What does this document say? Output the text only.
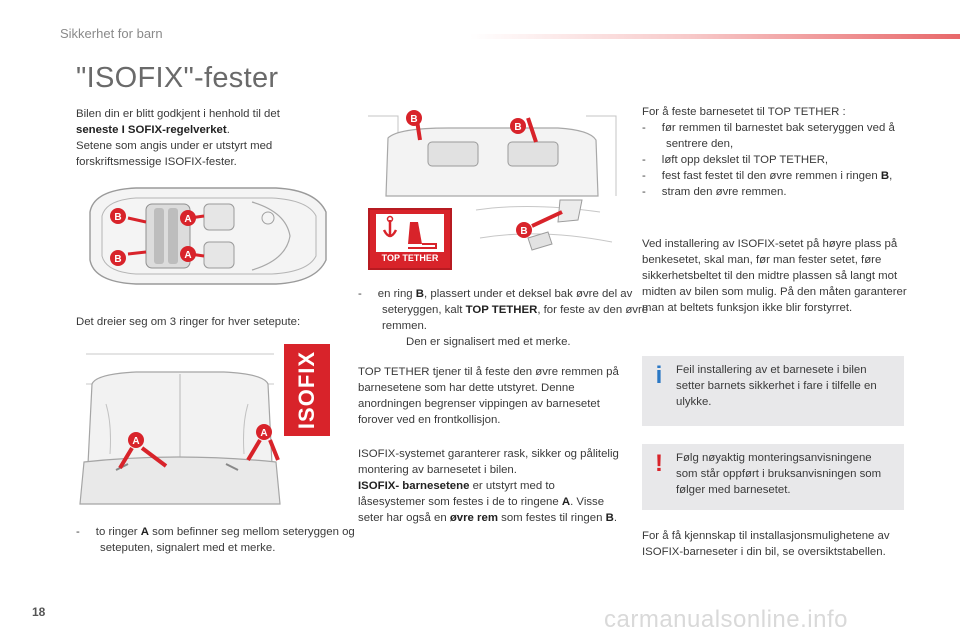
Sikkerhet for barn
"ISOFIX"-fester

Bilen din er blitt godkjent i henhold til det

seneste I SOFIX-regelverket.

Setene som angis under er utstyrt med

forskriftsmessige ISOFIX-fester.

B
B
A
A
Det dreier seg om 3 ringer for hver setepute:
A
A
ISOFIX
- to ringer A som befinner seg mellom seteryggen og seteputen, signalert med et merke.
B
B
TOP TETHER
B
- en ring B, plassert under et deksel bak øvre del av seteryggen, kalt TOP TETHER, for feste av den øvre remmen.
Den er signalisert med et merke.
TOP TETHER tjener til å feste den øvre remmen på barnesetene som har dette utstyret. Denne anordningen begrenser vippingen av barnesetet forover ved en frontkollisjon.
ISOFIX-systemet garanterer rask, sikker og pålitelig montering av barnesetet i bilen.
ISOFIX- barnesetene er utstyrt med to låsesystemer som festes i de to ringene A. Visse seter har også en øvre rem som festes til ringen B.

For å feste barnesetet til TOP TETHER :

- før remmen til barnestet bak seteryggen ved å sentrere den,

- løft opp dekslet til TOP TETHER,

- fest fast festet til den øvre remmen i ringen B,

- stram den øvre remmen.

Ved installering av ISOFIX-setet på høyre plass på benkesetet, skal man, før man fester setet, føre sikkerhetsbeltet til den midtre plassen så langt mot midten av bilen som mulig. På den måten garanterer man at beltets funksjon ikke blir forstyrret.
i	Feil installering av et barnesete i bilen setter barnets sikkerhet i fare i tilfelle en ulykke.
! Følg nøyaktig monteringsanvisningene som står oppført i bruksanvisningen som følger med barnesetet.
For å få kjennskap til installasjonsmulighetene av ISOFIX-barneseter i din bil, se oversiktstabellen.
18	carmanualsonline.info
